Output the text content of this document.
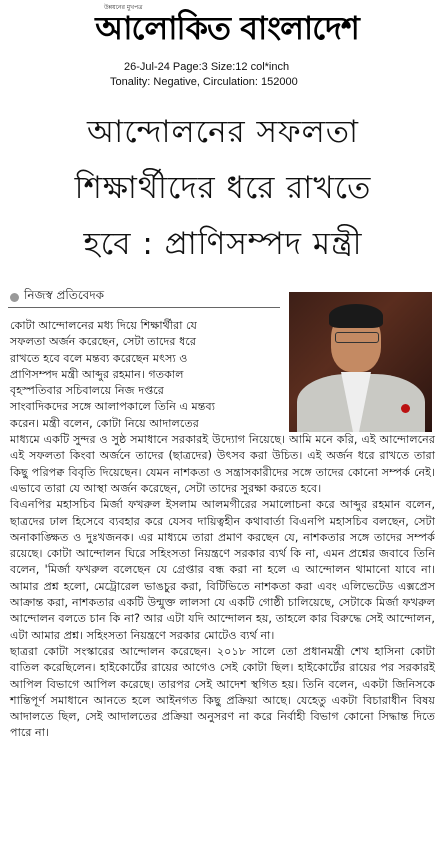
উন্নয়নের মুখপত্র
আলোকিত বাংলাদেশ
26-Jul-24 Page:3 Size:12 col*inch
Tonality: Negative, Circulation: 152000
আন্দোলনের সফলতা
শিক্ষার্থীদের ধরে রাখতে
হবে : প্রাণিসম্পদ মন্ত্রী
নিজস্ব প্রতিবেদক
কোটা আন্দোলনের মধ্য দিয়ে শিক্ষার্থীরা যে
সফলতা অর্জন করেছেন, সেটা তাদের ধরে
রাখতে হবে বলে মন্তব্য করেছেন মৎস্য ও
প্রাণিসম্পদ মন্ত্রী আব্দুর রহমান। গতকাল
বৃহস্পতিবার সচিবালয়ে নিজ দপ্তরে
সাংবাদিকদের সঙ্গে আলাপকালে তিনি এ মন্তব্য
করেন। মন্ত্রী বলেন, কোটা নিয়ে আদালতের

মাধ্যমে একটি সুন্দর ও সুষ্ঠ সমাধানে সরকারই উদ্যোগ নিয়েছে। আমি মনে করি, এই আন্দোলনের এই সফলতা কিংবা অর্জনে তাদের (ছাত্রদের) উৎসব করা উচিত। এই অর্জন ধরে রাখতে তারা কিছু পরিপক্ব বিবৃতি দিয়েছেন। যেমন নাশকতা ও সন্ত্রাসকারীদের সঙ্গে তাদের কোনো সম্পর্ক নেই। এভাবে তারা যে আস্থা অর্জন করেছেন, সেটা তাদের সুরক্ষা করতে হবে।

বিএনপির মহাসচিব মির্জা ফখরুল ইসলাম আলমগীরের সমালোচনা করে আব্দুর রহমান বলেন, ছাত্রদের ঢাল হিসেবে ব্যবহার করে যেসব দায়িত্বহীন কথাবার্তা বিএনপি মহাসচিব বলছেন, সেটা অনাকাঙ্ক্ষিত ও দুঃখজনক। এর মাধ্যমে তারা প্রমাণ করছেন যে, নাশকতার সঙ্গে তাদের সম্পর্ক রয়েছে। কোটা আন্দোলন ঘিরে সহিংসতা নিয়ন্ত্রণে সরকার ব্যর্থ কি না, এমন প্রশ্নের জবাবে তিনি বলেন, 'মির্জা ফখরুল বলেছেন যে গ্রেপ্তার বন্ধ করা না হলে এ আন্দোলন থামানো যাবে না। আমার প্রশ্ন হলো, মেট্রোরেল ভাঙচুর করা, বিটিভিতে নাশকতা করা এবং এলিভেটেড এক্সপ্রেস আক্রান্ত করা, নাশকতার একটি উন্মুক্ত লালসা যে একটি গোষ্ঠী চালিয়েছে, সেটাকে মির্জা ফখরুল আন্দোলন বলতে চান কি না? আর এটা যদি আন্দোলন হয়, তাহলে কার বিরুদ্ধে সেই আন্দোলন, এটা আমার প্রশ্ন। সহিংসতা নিয়ন্ত্রণে সরকার মোটেও ব্যর্থ না।

ছাত্ররা কোটা সংস্কারের আন্দোলন করেছেন। ২০১৮ সালে তো প্রধানমন্ত্রী শেখ হাসিনা কোটা বাতিল করেছিলেন। হাইকোর্টের রায়ের আগেও সেই কোটা ছিল। হাইকোর্টের রায়ের পর সরকারই আপিল বিভাগে আপিল করেছে। তারপর সেই আদেশ স্থগিত হয়। তিনি বলেন, একটা জিনিসকে শান্তিপূর্ণ সমাধানে আনতে হলে আইনগত কিছু প্রক্রিয়া আছে। যেহেতু একটা বিচারাধীন বিষয় আদালতে ছিল, সেই আদালতের প্রক্রিয়া অনুসরণ না করে নির্বাহী বিভাগ কোনো সিদ্ধান্ত দিতে পারে না।
